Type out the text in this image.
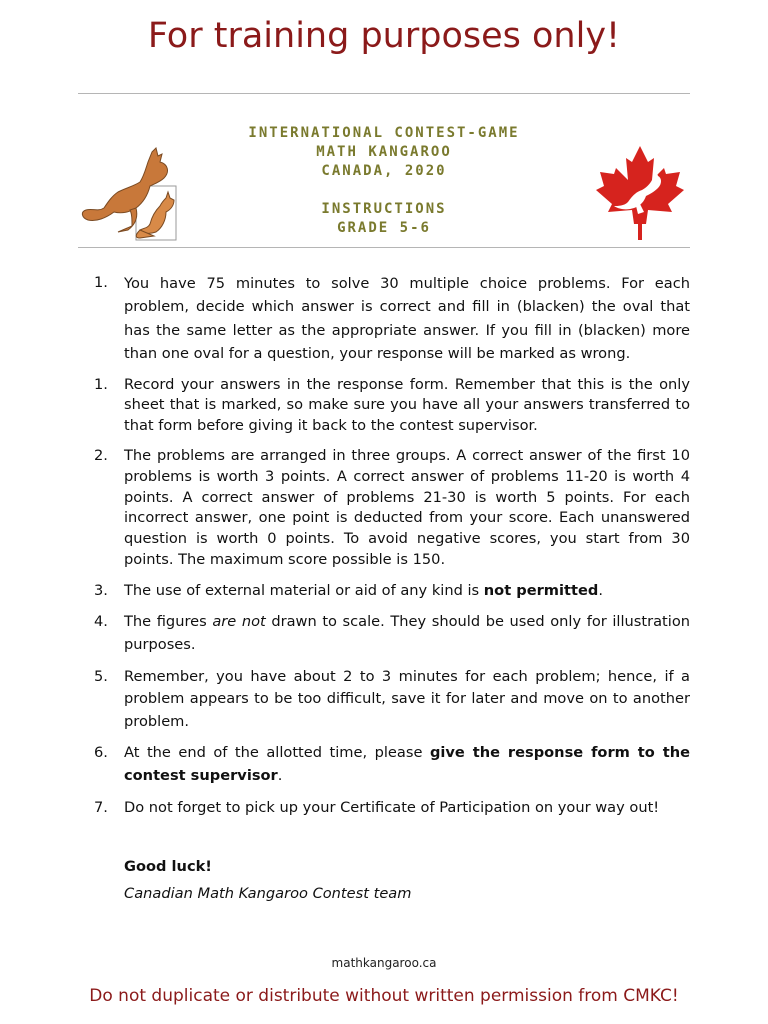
For training purposes only!
INTERNATIONAL CONTEST-GAME
MATH KANGAROO
CANADA, 2020
INSTRUCTIONS
GRADE 5-6
1.	You have 75 minutes to solve 30 multiple choice problems. For each problem, decide which answer is correct and fill in (blacken) the oval that has the same letter as the appropriate answer. If you fill in (blacken) more than one oval for a question, your response will be marked as wrong.
1.	Record your answers in the response form. Remember that this is the only sheet that is marked, so make sure you have all your answers transferred to that form before giving it back to the contest supervisor.
2.	The problems are arranged in three groups. A correct answer of the first 10 problems is worth 3 points. A correct answer of problems 11-20 is worth 4 points. A correct answer of problems 21-30 is worth 5 points. For each incorrect answer, one point is deducted from your score. Each unanswered question is worth 0 points. To avoid negative scores, you start from 30 points. The maximum score possible is 150.
3.	The use of external material or aid of any kind is not permitted.
4.	The figures are not drawn to scale. They should be used only for illustration purposes.
5.	Remember, you have about 2 to 3 minutes for each problem; hence, if a problem appears to be too difficult, save it for later and move on to another problem.
6.	At the end of the allotted time, please give the response form to the contest supervisor.
7.	Do not forget to pick up your Certificate of Participation on your way out!
Good luck!
Canadian Math Kangaroo Contest team
mathkangaroo.ca
Do not duplicate or distribute without written permission from CMKC!
